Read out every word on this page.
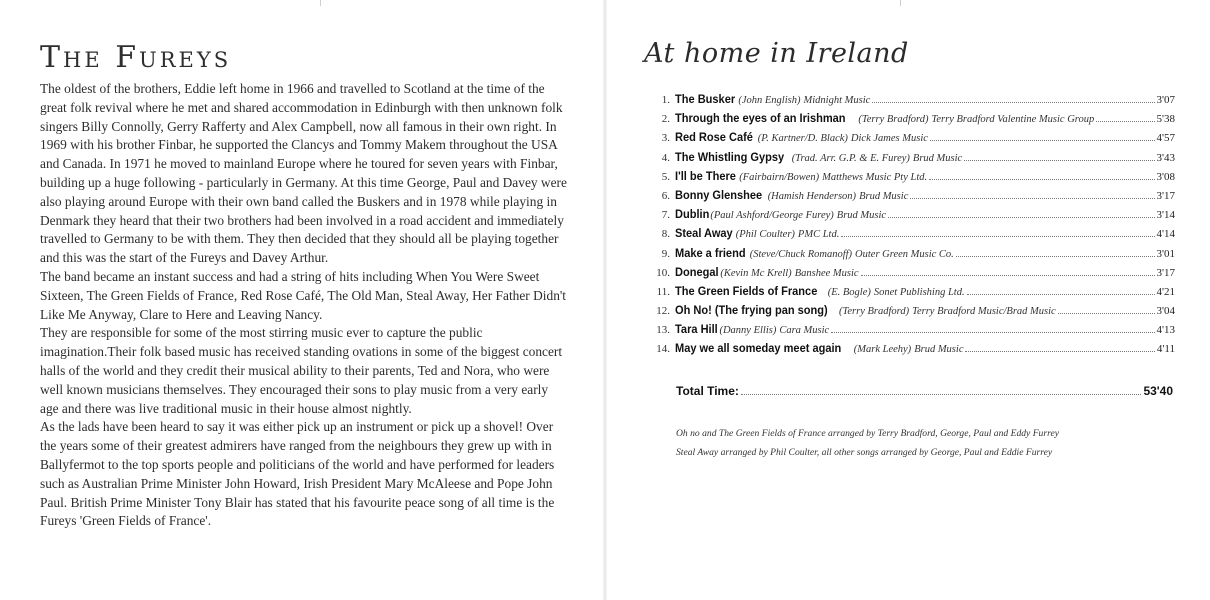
The Fureys

The oldest of the brothers, Eddie left home in 1966 and travelled to Scotland at the time of the great folk revival where he met and shared accommodation in Edinburgh with then unknown folk singers Billy Connolly, Gerry Rafferty and Alex Campbell, now all famous in their own right. In 1969 with his brother Finbar, he supported the Clancys and Tommy Makem throughout the USA and Canada. In 1971 he moved to mainland Europe where he toured for seven years with Finbar, building up a huge following - particularly in Germany. At this time George, Paul and Davey were also playing around Europe with their own band called the Buskers and in 1978 while playing in Denmark they heard that their two brothers had been involved in a road accident and immediately travelled to Germany to be with them. They then decided that they should all be playing together and this was the start of the Fureys and Davey Arthur.

The band became an instant success and had a string of hits including When You Were Sweet Sixteen, The Green Fields of France, Red Rose Café, The Old Man, Steal Away, Her Father Didn't Like Me Anyway, Clare to Here and Leaving Nancy.

They are responsible for some of the most stirring music ever to capture the public imagination.Their folk based music has received standing ovations in some of the biggest concert halls of the world and they credit their musical ability to their parents, Ted and Nora, who were well known musicians themselves. They encouraged their sons to play music from a very early age and there was live traditional music in their house almost nightly.

As the lads have been heard to say it was either pick up an instrument or pick up a shovel! Over the years some of their greatest admirers have ranged from the neighbours they grew up with in Ballyfermot to the top sports people and politicians of the world and have performed for leaders such as Australian Prime Minister John Howard, Irish President Mary McAleese and Pope John Paul. British Prime Minister Tony Blair has stated that his favourite peace song of all time is the Fureys 'Green Fields of France'.

At home in Ireland
1. The Busker (John English) Midnight Music	3'07
2. Through the eyes of an Irishman	(Terry Bradford) Terry Bradford Valentine Music Group	5'38
3. Red Rose Café (P. Kartner/D. Black) Dick James Music	4'57
4. The Whistling Gypsy (Trad. Arr. G.P. & E. Furey) Brud Music	3'43
5. I'll be There (Fairbairn/Bowen) Matthews Music Pty Ltd.	3'08
6. Bonny Glenshee (Hamish Henderson) Brud Music	3'17
7. Dublin (Paul Ashford/George Furey) Brud Music	3'14
8. Steal Away (Phil Coulter) PMC Ltd.	4'14
9. Make a friend (Steve/Chuck Romanoff) Outer Green Music Co.	3'01
10. Donegal (Kevin Mc Krell) Banshee Music	3'17
11. The Green Fields of France (E. Bogle) Sonet Publishing Ltd.	4'21
12. Oh No! (The frying pan song)	(Terry Bradford) Terry Bradford Music/Brad Music	3'04
13. Tara Hill (Danny Ellis) Cara Music	4'13
14. May we all someday meet again	(Mark Leehy) Brud Music	4'11
Total Time:	53'40

Oh no and The Green Fields of France arranged by Terry Bradford, George, Paul and Eddy Furrey

Steal Away arranged by Phil Coulter, all other songs arranged by George, Paul and Eddie Furrey
